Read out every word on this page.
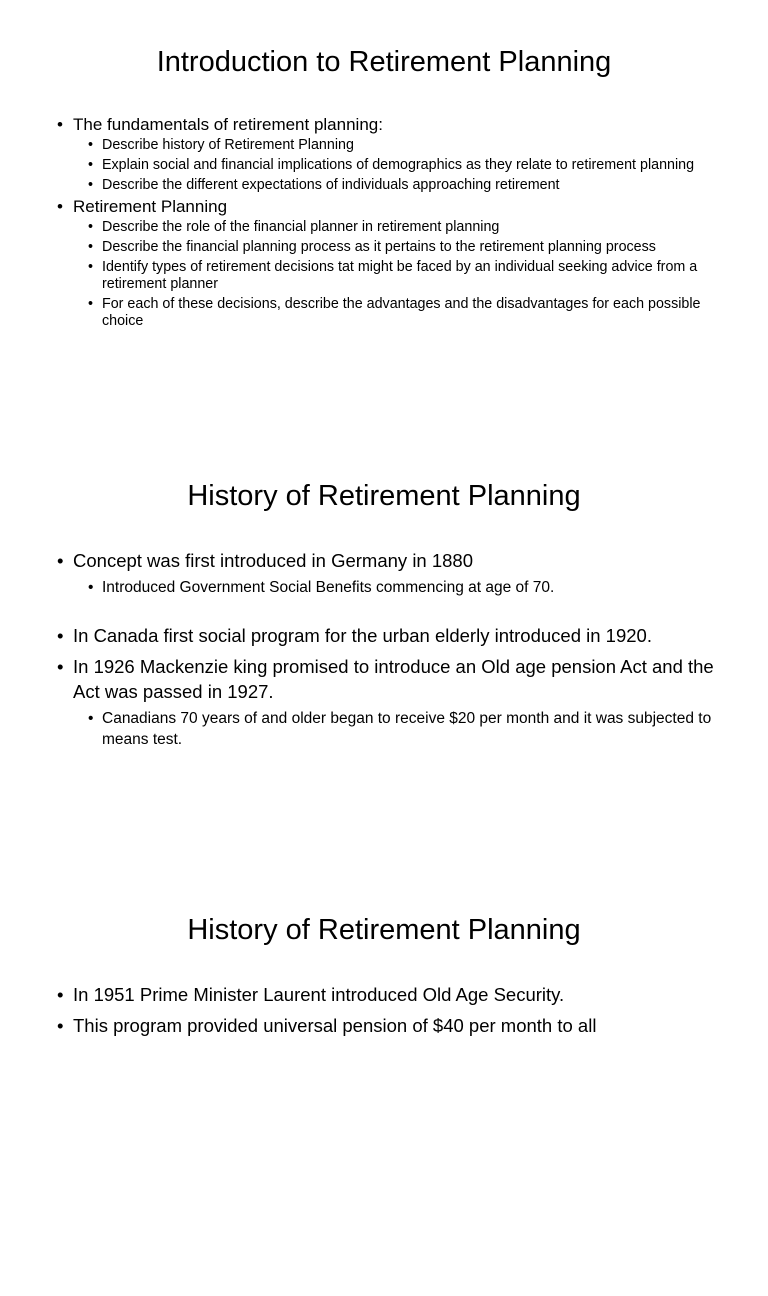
Introduction to Retirement Planning
• The fundamentals of retirement planning:
• Describe history of Retirement Planning
• Explain social and financial implications of demographics as they relate to retirement planning
• Describe the different expectations of individuals approaching retirement
• Retirement Planning
• Describe the role of the financial planner in retirement planning
• Describe the financial planning process as it pertains to the retirement planning process
• Identify types of retirement decisions tat might be faced by an individual seeking advice from a retirement planner
• For each of these decisions, describe the advantages and the disadvantages for each possible choice
History of Retirement Planning
• Concept was first introduced in Germany in 1880
• Introduced Government Social Benefits commencing at age of 70.
• In Canada first social program for the urban elderly introduced in 1920.
• In 1926 Mackenzie king promised to introduce an Old age pension Act and the Act was passed in 1927.
• Canadians 70 years of and older began to receive $20 per month and it was subjected to means test.
History of Retirement Planning
• In 1951 Prime Minister Laurent introduced Old Age Security.
• This program provided universal pension of $40 per month to all
